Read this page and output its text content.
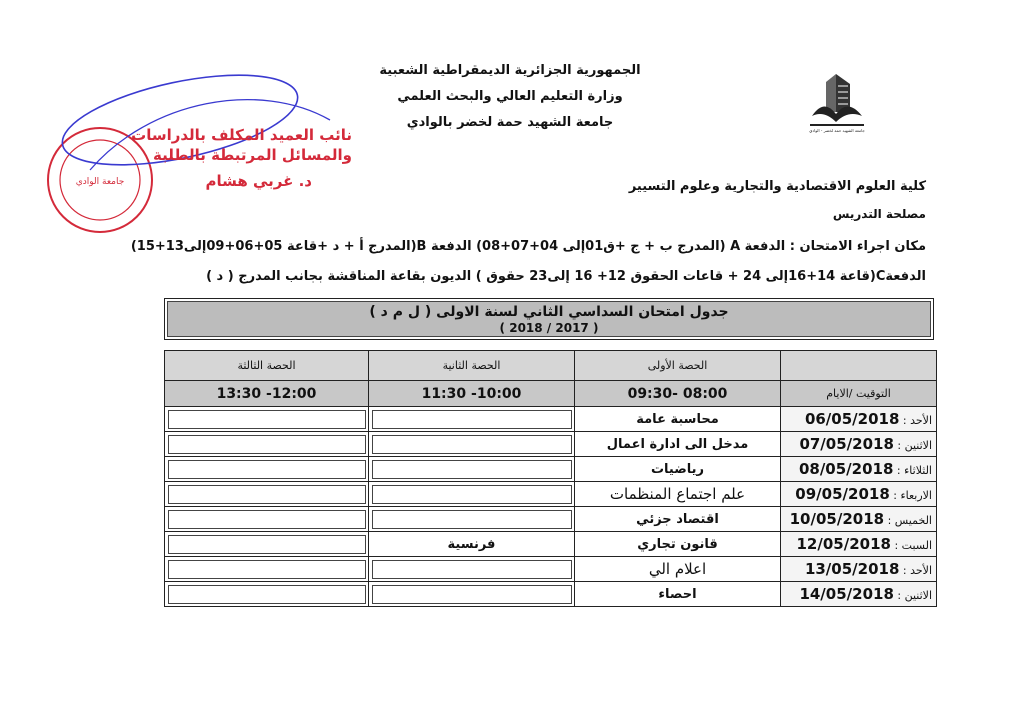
الجمهورية الجزائرية الديمقراطية الشعبية
وزارة التعليم العالي والبحث العلمي
جامعة الشهيد حمة لخضر بالوادي
جامعة الشهيد حمة لخضر - الوادي
جامعة الوادي
نائب العميد المكلف بالدراسات
والمسائل المرتبطة بالطلبة
د. غربي هشام	كلية العلوم الاقتصادية والتجارية وعلوم التسيير
مصلحة التدريس
مكان اجراء الامتحان : الدفعة A (المدرج ب + ج +ق01إلى 04+07+08) الدفعة B(المدرج أ + د +قاعة 05+06+09إلى13+15)
الدفعةC(قاعة 14+16إلى 24 + قاعات الحقوق 12+ 16 إلى23 حقوق ) الديون بقاعة المناقشة بجانب المدرج ( د )
جدول امتحان السداسي الثاني لسنة الاولى ( ل م د )
( 2017 / 2018 )
	الحصة الأولى	الحصة الثانية	الحصة الثالثة
التوقيت /الايام	08:00 -09:30	10:00- 11:30	12:00- 13:30
الأحد : 06/05/2018	محاسبة عامة		
الاثنين : 07/05/2018	مدخل الى ادارة اعمال		
الثلاثاء : 08/05/2018	رياضيات		
الاربعاء : 09/05/2018	علم اجتماع المنظمات		
الخميس : 10/05/2018	اقتصاد جزئي		
السبت : 12/05/2018	قانون تجاري	فرنسية	
الأحد : 13/05/2018	اعلام الي		
الاثنين : 14/05/2018	احصاء		
